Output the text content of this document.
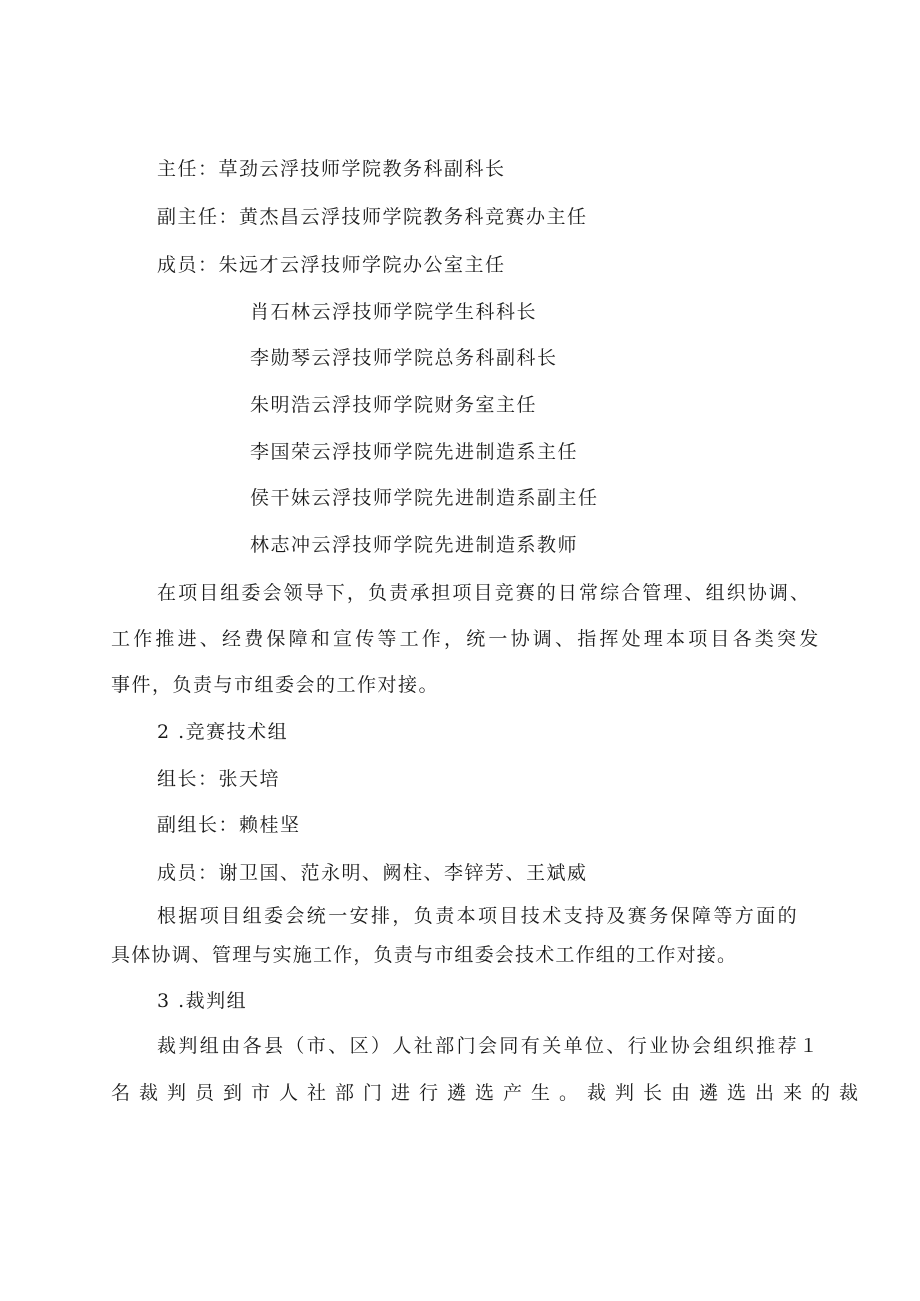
主任：草劲云浮技师学院教务科副科长
副主任：黄杰昌云浮技师学院教务科竞赛办主任
成员：朱远才云浮技师学院办公室主任
肖石林云浮技师学院学生科科长
李勋琴云浮技师学院总务科副科长
朱明浩云浮技师学院财务室主任
李国荣云浮技师学院先进制造系主任
侯干妹云浮技师学院先进制造系副主任
林志冲云浮技师学院先进制造系教师
在项目组委会领导下，负责承担项目竞赛的日常综合管理、组织协调、
工作推进、经费保障和宣传等工作，统一协调、指挥处理本项目各类突发
事件，负责与市组委会的工作对接。
2 .竞赛技术组
组长：张天培
副组长：赖桂坚
成员：谢卫国、范永明、阙柱、李锌芳、王斌威
根据项目组委会统一安排，负责本项目技术支持及赛务保障等方面的
具体协调、管理与实施工作，负责与市组委会技术工作组的工作对接。
3 .裁判组
裁判组由各县（市、区）人社部门会同有关单位、行业协会组织推荐１
名裁判员到市人社部门进行遴选产生。裁判长由遴选出来的裁
